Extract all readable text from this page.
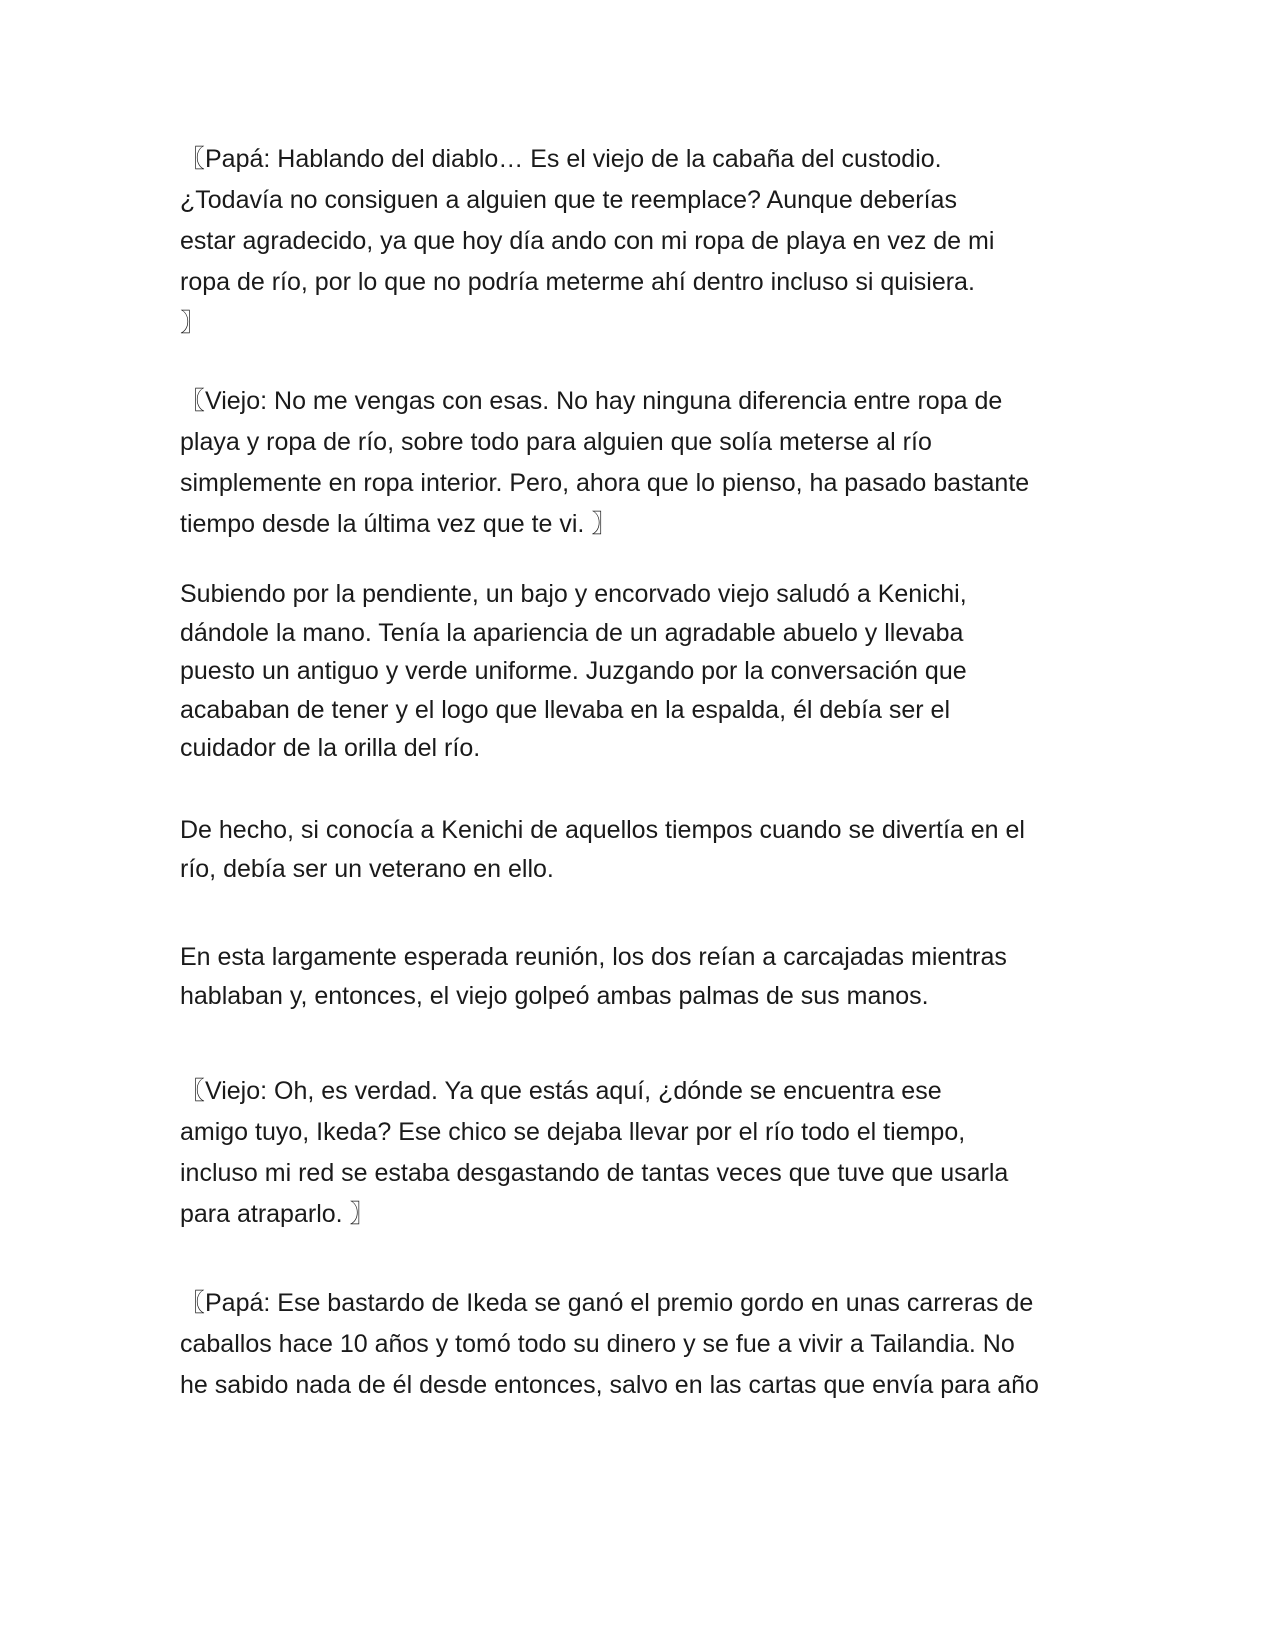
〖Papá: Hablando del diablo… Es el viejo de la cabaña del custodio.
¿Todavía no consiguen a alguien que te reemplace? Aunque deberías
estar agradecido, ya que hoy día ando con mi ropa de playa en vez de mi
ropa de río, por lo que no podría meterme ahí dentro incluso si quisiera.
〗

〖Viejo: No me vengas con esas. No hay ninguna diferencia entre ropa de
playa y ropa de río, sobre todo para alguien que solía meterse al río
simplemente en ropa interior. Pero, ahora que lo pienso, ha pasado bastante
tiempo desde la última vez que te vi. 〗

Subiendo por la pendiente, un bajo y encorvado viejo saludó a Kenichi,
dándole la mano. Tenía la apariencia de un agradable abuelo y llevaba
puesto un antiguo y verde uniforme. Juzgando por la conversación que
acababan de tener y el logo que llevaba en la espalda, él debía ser el
cuidador de la orilla del río.

De hecho, si conocía a Kenichi de aquellos tiempos cuando se divertía en el
río, debía ser un veterano en ello.

En esta largamente esperada reunión, los dos reían a carcajadas mientras
hablaban y, entonces, el viejo golpeó ambas palmas de sus manos.

〖Viejo: Oh, es verdad. Ya que estás aquí, ¿dónde se encuentra ese
amigo tuyo, Ikeda? Ese chico se dejaba llevar por el río todo el tiempo,
incluso mi red se estaba desgastando de tantas veces que tuve que usarla
para atraparlo. 〗

〖Papá: Ese bastardo de Ikeda se ganó el premio gordo en unas carreras de
caballos hace 10 años y tomó todo su dinero y se fue a vivir a Tailandia. No
he sabido nada de él desde entonces, salvo en las cartas que envía para año
